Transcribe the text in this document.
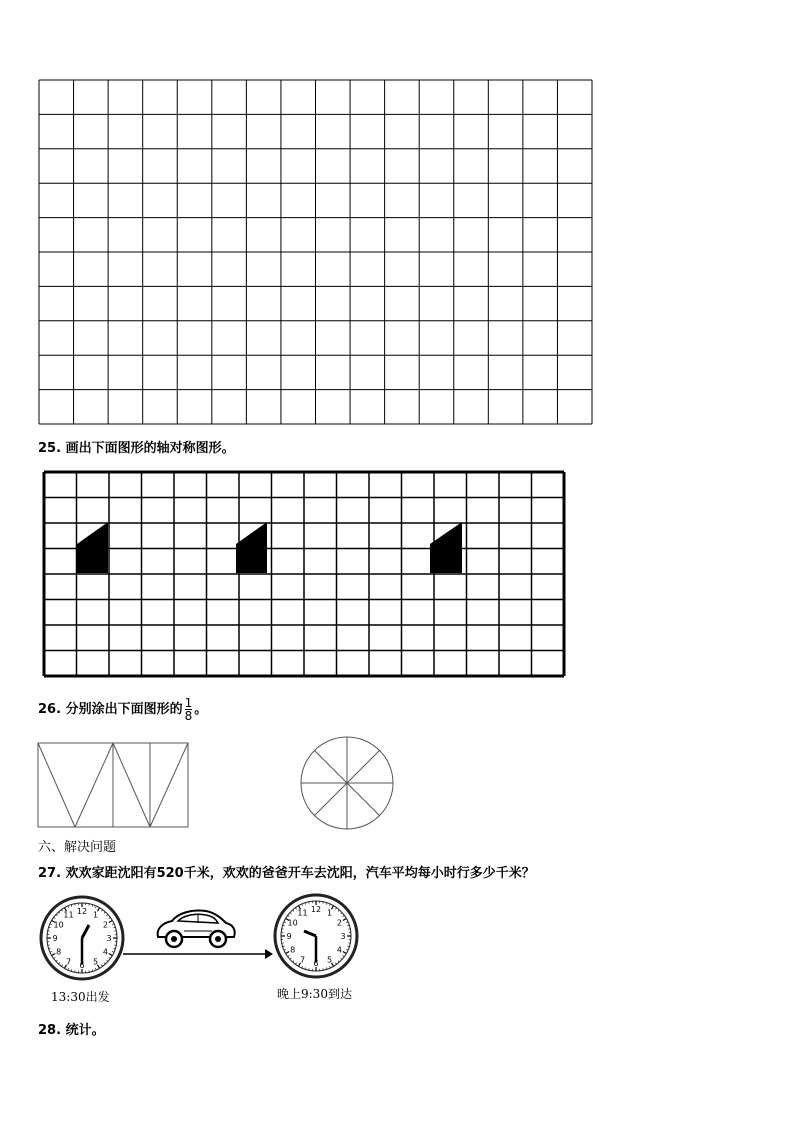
25. 画出下面图形的轴对称图形。
26. 分别涂出下面图形的 $\frac{1}{8}$ 。
六、解决问题
27. 欢欢家距沈阳有520千米，欢欢的爸爸开车去沈阳，汽车平均每小时行多少千米？
12 1
2
3
4
5
6
7
8
9
10
11
12 1
2
3
4
5
6
7
8
9
10
11
13:30出发	晚上9:30到达
28. 统计。
